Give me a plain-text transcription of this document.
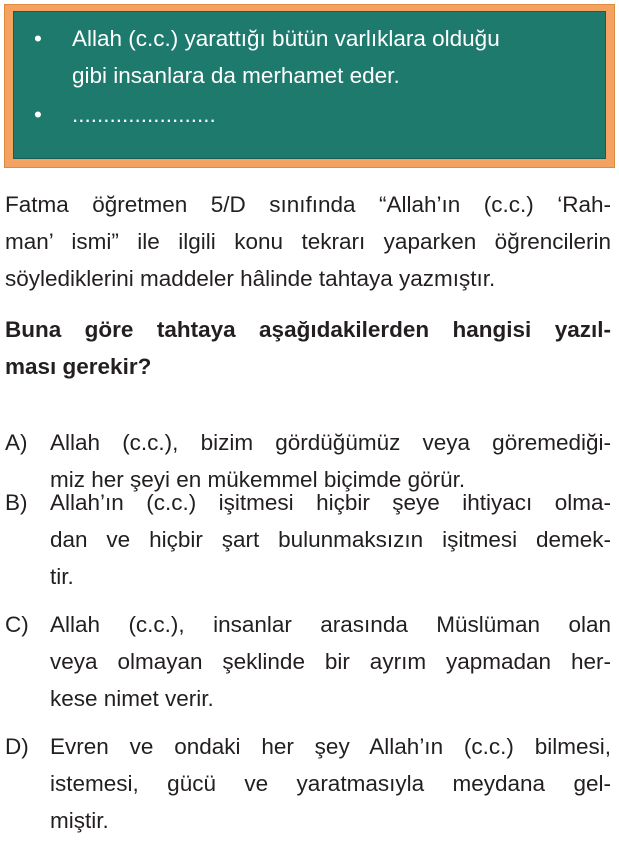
• Allah (c.c.) yarattığı bütün varlıklara olduğu
gibi insanlara da merhamet eder.
• .......................
Fatma öğretmen 5/D sınıfında “Allah’ın (c.c.) ‘Rah-
man’ ismi” ile ilgili konu tekrarı yaparken öğrencilerin
söylediklerini maddeler hâlinde tahtaya yazmıştır.
Buna göre tahtaya aşağıdakilerden hangisi yazıl-
ması gerekir?
A) Allah (c.c.), bizim gördüğümüz veya göremediği-
miz her şeyi en mükemmel biçimde görür.
B) Allah’ın (c.c.) işitmesi hiçbir şeye ihtiyacı olma-
dan ve hiçbir şart bulunmaksızın işitmesi demek-
tir.
C) Allah (c.c.), insanlar arasında Müslüman olan
veya olmayan şeklinde bir ayrım yapmadan her-
kese nimet verir.
D) Evren ve ondaki her şey Allah’ın (c.c.) bilmesi,
istemesi, gücü ve yaratmasıyla meydana gel-
miştir.
